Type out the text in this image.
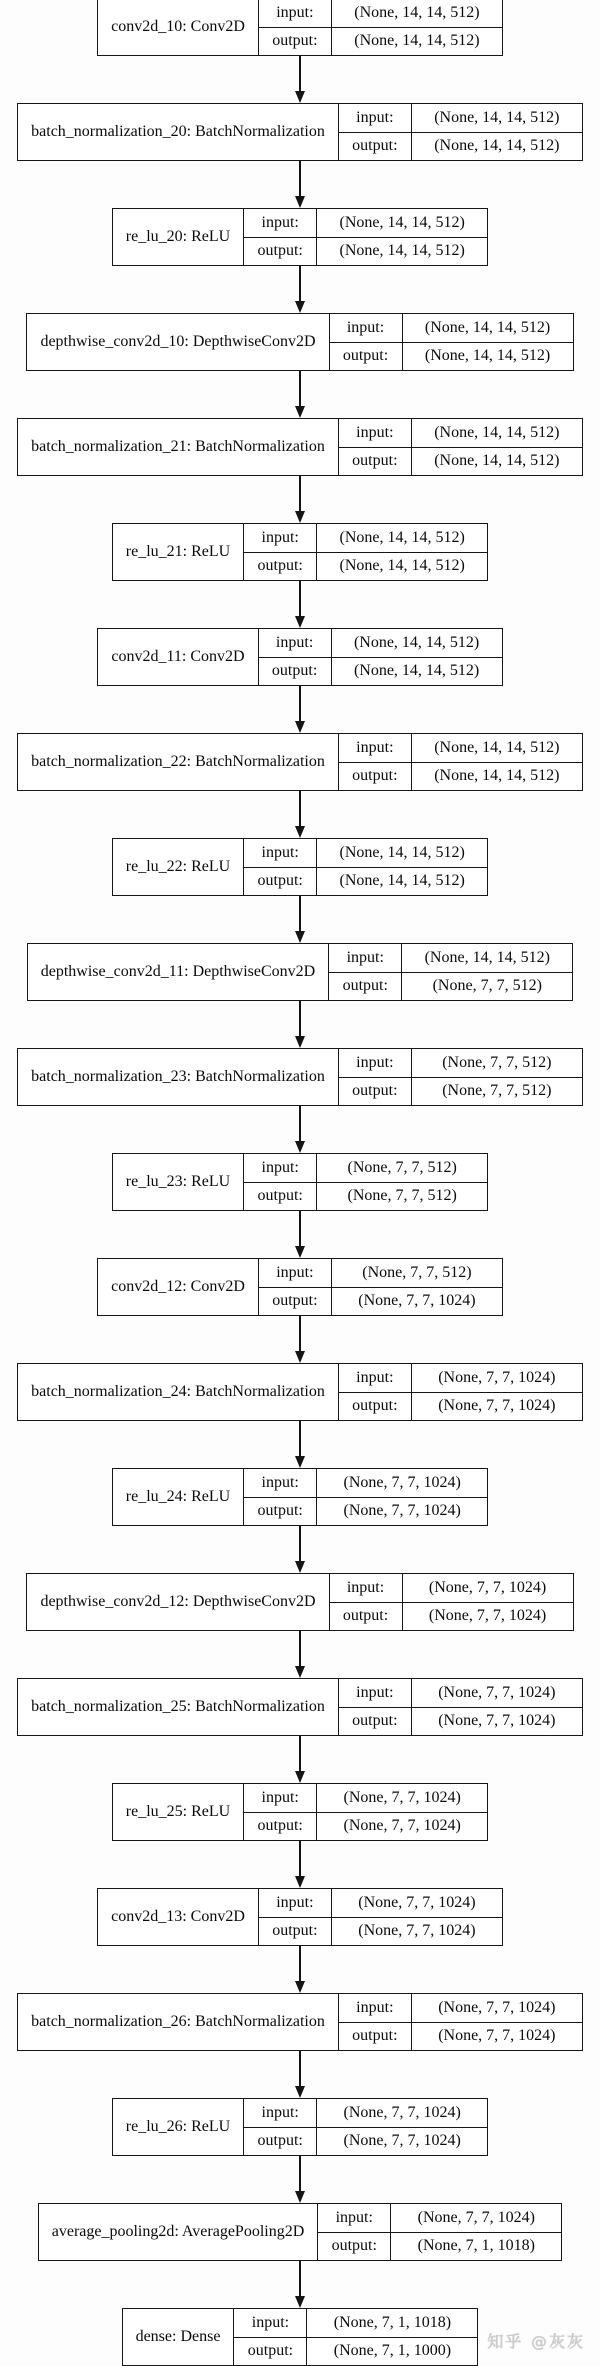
conv2d_10: Conv2D
input:	(None, 14, 14, 512)
output:	(None, 14, 14, 512)
batch_normalization_20: BatchNormalization
input:	(None, 14, 14, 512)
output:	(None, 14, 14, 512)
re_lu_20: ReLU
input:	(None, 14, 14, 512)
output:	(None, 14, 14, 512)
depthwise_conv2d_10: DepthwiseConv2D
input:	(None, 14, 14, 512)
output:	(None, 14, 14, 512)
batch_normalization_21: BatchNormalization
input:	(None, 14, 14, 512)
output:	(None, 14, 14, 512)
re_lu_21: ReLU
input:	(None, 14, 14, 512)
output:	(None, 14, 14, 512)
conv2d_11: Conv2D
input:	(None, 14, 14, 512)
output:	(None, 14, 14, 512)
batch_normalization_22: BatchNormalization
input:	(None, 14, 14, 512)
output:	(None, 14, 14, 512)
re_lu_22: ReLU
input:	(None, 14, 14, 512)
output:	(None, 14, 14, 512)
depthwise_conv2d_11: DepthwiseConv2D
input:	(None, 14, 14, 512)
output:	(None, 7, 7, 512)
batch_normalization_23: BatchNormalization
input:	(None, 7, 7, 512)
output:	(None, 7, 7, 512)
re_lu_23: ReLU
input:	(None, 7, 7, 512)
output:	(None, 7, 7, 512)
conv2d_12: Conv2D
input:	(None, 7, 7, 512)
output:	(None, 7, 7, 1024)
batch_normalization_24: BatchNormalization
input:	(None, 7, 7, 1024)
output:	(None, 7, 7, 1024)
re_lu_24: ReLU
input:	(None, 7, 7, 1024)
output:	(None, 7, 7, 1024)
depthwise_conv2d_12: DepthwiseConv2D
input:	(None, 7, 7, 1024)
output:	(None, 7, 7, 1024)
batch_normalization_25: BatchNormalization
input:	(None, 7, 7, 1024)
output:	(None, 7, 7, 1024)
re_lu_25: ReLU
input:	(None, 7, 7, 1024)
output:	(None, 7, 7, 1024)
conv2d_13: Conv2D
input:	(None, 7, 7, 1024)
output:	(None, 7, 7, 1024)
batch_normalization_26: BatchNormalization
input:	(None, 7, 7, 1024)
output:	(None, 7, 7, 1024)
re_lu_26: ReLU
input:	(None, 7, 7, 1024)
output:	(None, 7, 7, 1024)
average_pooling2d: AveragePooling2D
input:	(None, 7, 7, 1024)
output:	(None, 7, 1, 1018)
dense: Dense
input:	(None, 7, 1, 1018)
output:	(None, 7, 1, 1000)	知乎 @灰灰
